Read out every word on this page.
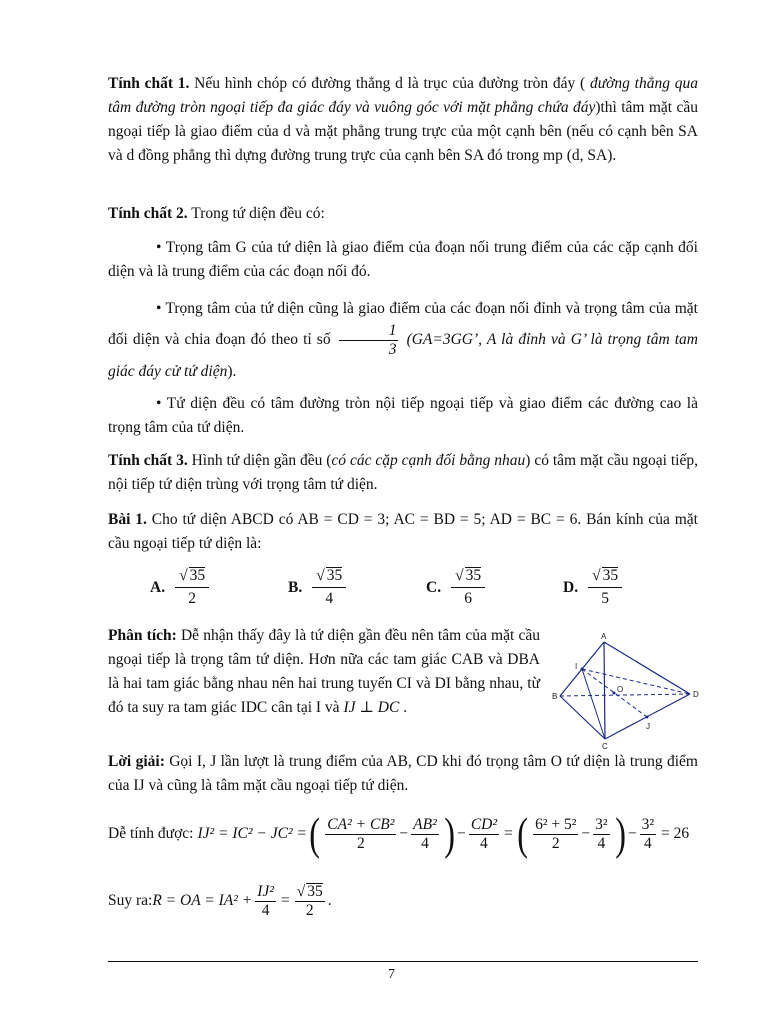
Tính chất 1. Nếu hình chóp có đường thẳng d là trục của đường tròn đáy ( đường thẳng qua tâm đường tròn ngoại tiếp đa giác đáy và vuông góc với mặt phẳng chứa đáy)thì tâm mặt cầu ngoại tiếp là giao điểm của d và mặt phẳng trung trực của một cạnh bên (nếu có cạnh bên SA và d đồng phẳng thì dựng đường trung trực của cạnh bên SA đó trong mp (d, SA).
Tính chất 2. Trong tứ diện đều có:
• Trọng tâm G của tứ diện là giao điểm của đoạn nối trung điểm của các cặp cạnh đối diện và là trung điểm của các đoạn nối đó.
• Trọng tâm của tứ diện cũng là giao điểm của các đoạn nối đỉnh và trọng tâm của mặt đối diện và chia đoạn đó theo tỉ số $\frac{1}{3} (GA=3GG$’, A là đỉnh và G’ là trọng tâm tam giác đáy cử tứ diện).
• Tứ diện đều có tâm đường tròn nội tiếp ngoại tiếp và giao điểm các đường cao là trọng tâm của tứ diện.
Tính chất 3. Hình tứ diện gần đều (có các cặp cạnh đối bằng nhau) có tâm mặt cầu ngoại tiếp, nội tiếp tứ diện trùng với trọng tâm tứ diện.
Bài 1. Cho tứ diện ABCD có AB = CD = 3; AC = BD = 5; AD = BC = 6. Bán kính của mặt cầu ngoại tiếp tứ diện là:
A.
√ 35
2
B.
√ 35
4
C.
√ 35
6
D.
√ 35
5
Phân tích: Dễ nhận thấy đây là tứ diện gần đều nên tâm của mặt cầu ngoại tiếp là trọng tâm tứ diện. Hơn nữa các tam giác CAB và DBA là hai tam giác bằng nhau nên hai trung tuyến CI và DI bằng nhau, từ đó ta suy ra tam giác IDC cân tại I và IJ ⊥ DC .
A
B
C
D
I
O
J
Lời giải: Gọi I, J lần lượt là trung điểm của AB, CD khi đó trọng tâm O tứ diện là trung điểm của IJ và cũng là tâm mặt cầu ngoại tiếp tứ diện.
Dễ tính được: IJ² = IC² − JC² = ( $\frac{\text{CA² + CB²}}{2} - \frac{\text{AB²}}{4}$ ) − $\frac{\text{CD²}}{4}$ = ( $\frac{\text{6² + 5²}}{2} - \frac{\text{3²}}{4}$ ) − $\frac{\text{3²}}{4} = 26$
Suy ra: R = OA = $IA^2 + \frac{\text{IJ²}}{4} = \frac{√ 35}{2}$ .
7
